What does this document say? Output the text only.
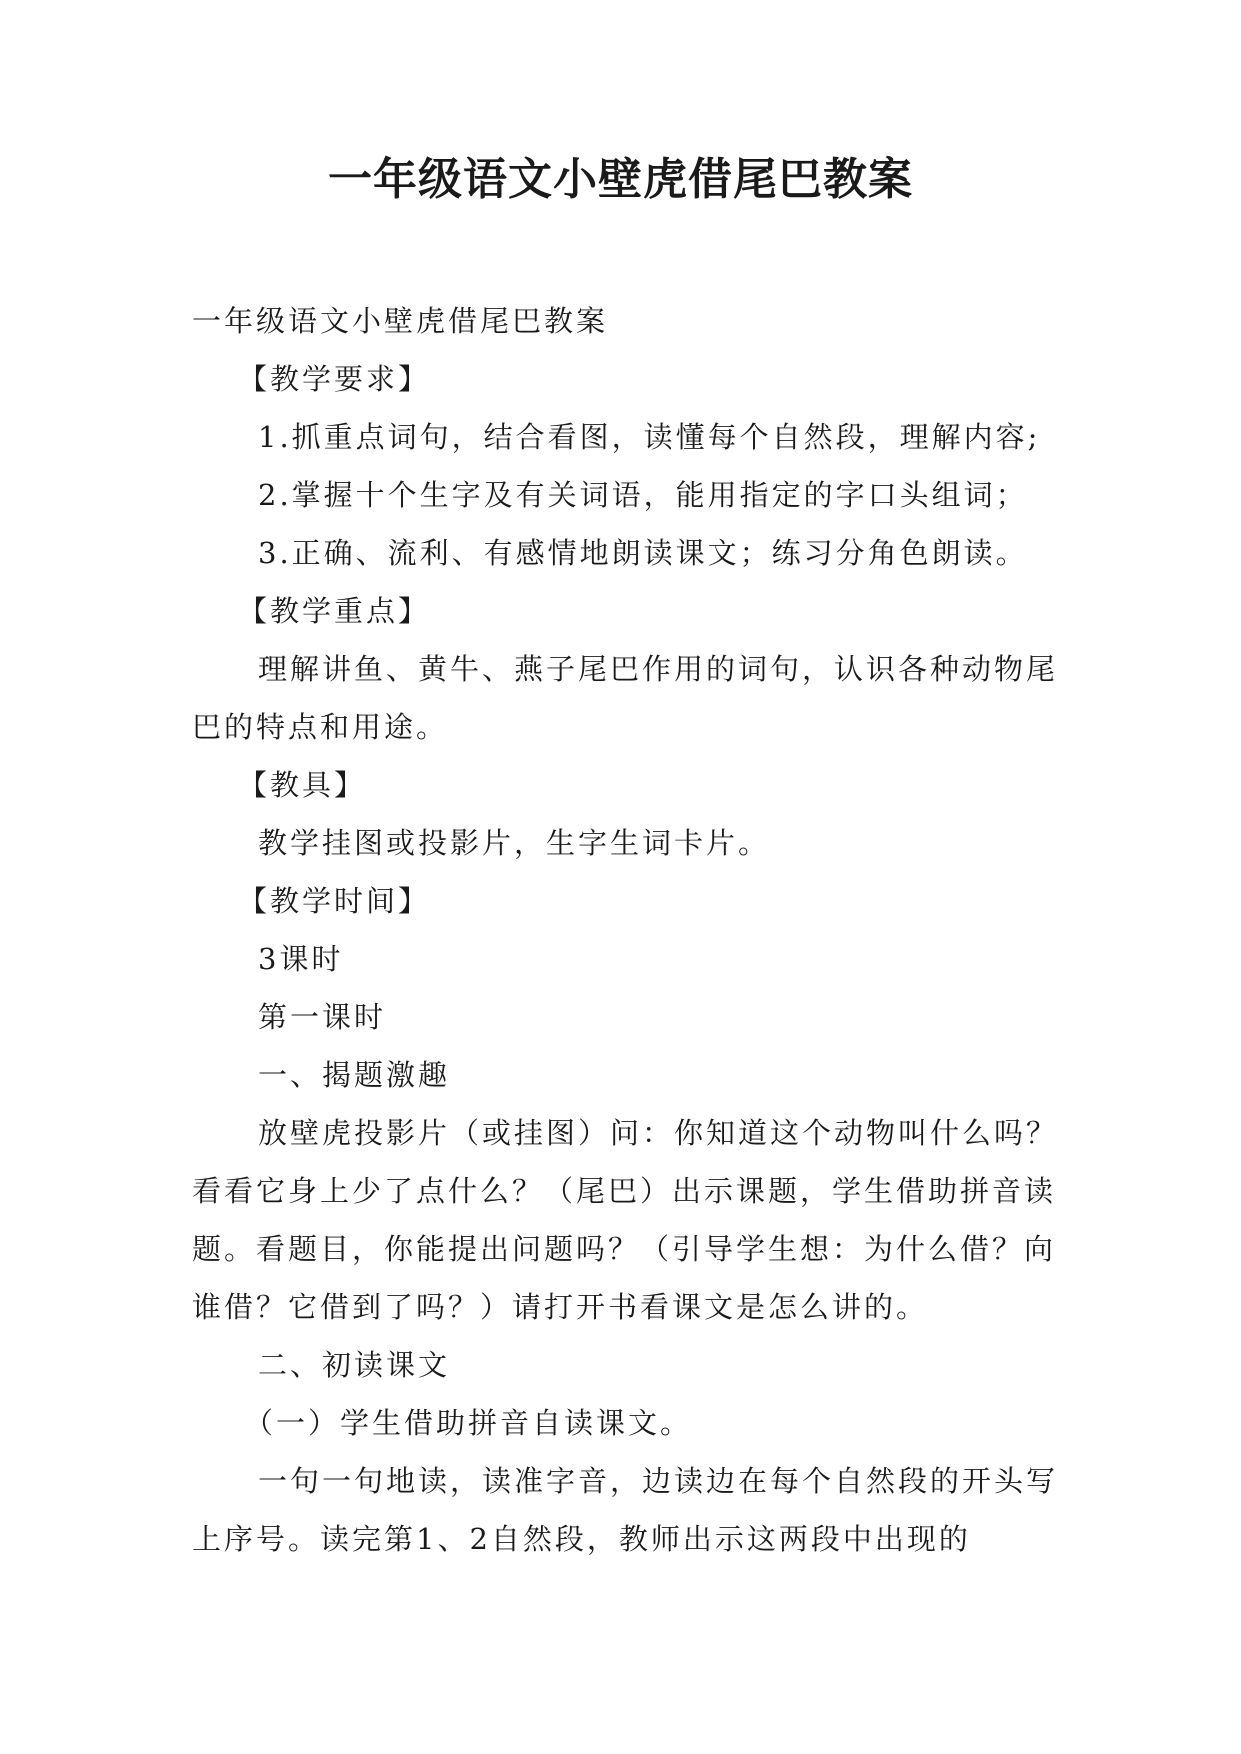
一年级语文小壁虎借尾巴教案

一年级语文小壁虎借尾巴教案

【教学要求】

1.抓重点词句，结合看图，读懂每个自然段，理解内容;

2.掌握十个生字及有关词语，能用指定的字口头组词；

3.正确、流利、有感情地朗读课文；练习分角色朗读。

【教学重点】

理解讲鱼、黄牛、燕子尾巴作用的词句，认识各种动物尾巴的特点和用途。

【教具】

教学挂图或投影片，生字生词卡片。

【教学时间】

3课时

第一课时

一、揭题激趣

放壁虎投影片（或挂图）问：你知道这个动物叫什么吗？看看它身上少了点什么？（尾巴）出示课题，学生借助拼音读题。看题目，你能提出问题吗？（引导学生想：为什么借？向谁借？它借到了吗？）请打开书看课文是怎么讲的。

二、初读课文

（一）学生借助拼音自读课文。

一句一句地读，读准字音，边读边在每个自然段的开头写上序号。读完第1、2自然段，教师出示这两段中出现的
